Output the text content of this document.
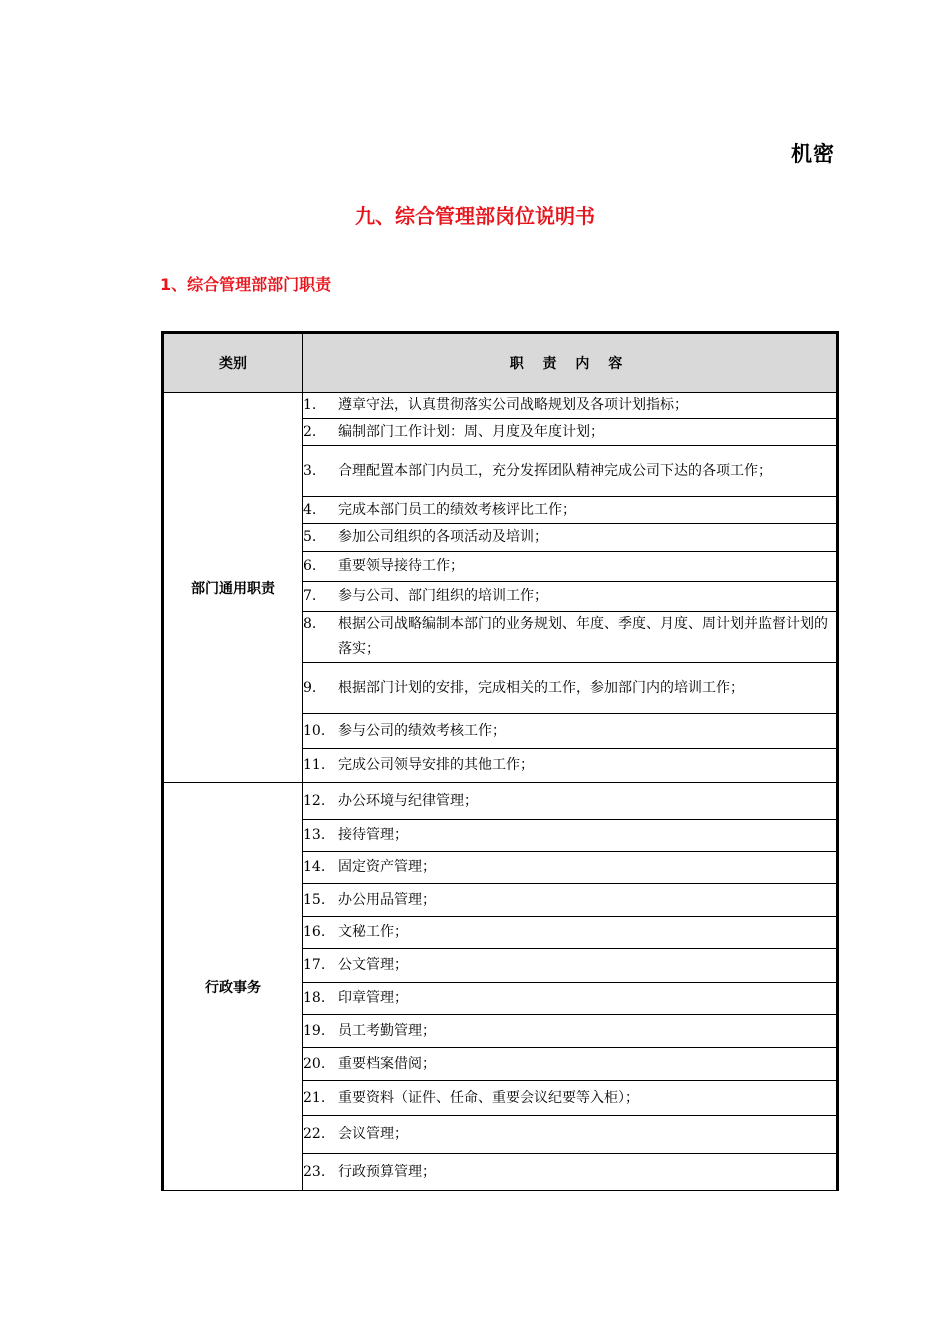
机密
九、综合管理部岗位说明书
1、综合管理部部门职责
类别	职 责 内 容
部门通用职责	1. 遵章守法，认真贯彻落实公司战略规划及各项计划指标；

	2. 编制部门工作计划：周、月度及年度计划；

	3. 合理配置本部门内员工，充分发挥团队精神完成公司下达的各项工作；

	4. 完成本部门员工的绩效考核评比工作；

	5. 参加公司组织的各项活动及培训；

	6. 重要领导接待工作；

	7. 参与公司、部门组织的培训工作；

	8. 根据公司战略编制本部门的业务规划、年度、季度、月度、周计划并监督计划的落实；

	9. 根据部门计划的安排，完成相关的工作，参加部门内的培训工作；

	10. 参与公司的绩效考核工作；

	11. 完成公司领导安排的其他工作；

行政事务	12. 办公环境与纪律管理；

	13. 接待管理；

	14. 固定资产管理；

	15. 办公用品管理；

	16. 文秘工作；

	17. 公文管理；

	18. 印章管理；

	19. 员工考勤管理；

	20. 重要档案借阅；

	21. 重要资料（证件、任命、重要会议纪要等入柜）；

	22. 会议管理；

	23. 行政预算管理；
